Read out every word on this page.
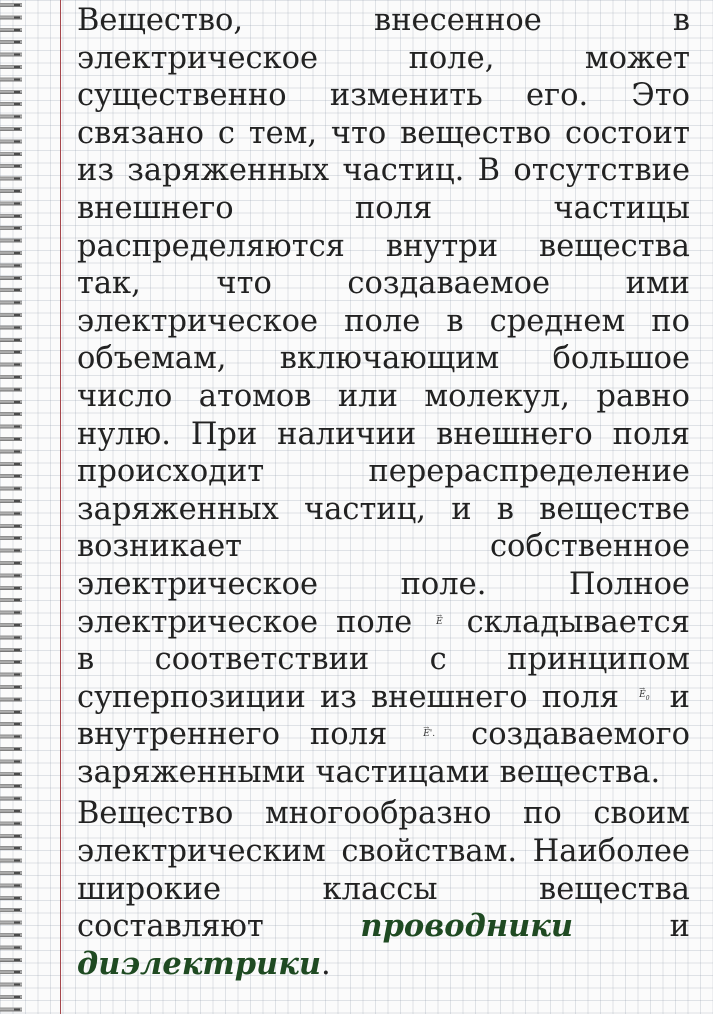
Вещество, внесенное в электрическое поле, может существенно изменить его. Это связано с тем, что вещество состоит из заряженных частиц. В отсутствие внешнего поля частицы распределяются внутри вещества так, что создаваемое ими электрическое поле в среднем по объемам, включающим большое число атомов или молекул, равно нулю. При наличии внешнего поля происходит перераспределение заряженных частиц, и в веществе возникает собственное электрическое поле. Полное электрическое поле	→ E складывается в соответствии с принципом суперпозиции из внешнего поля → $E_0$ и внутреннего поля	→ E'. создаваемого заряженными частицами вещества.

Вещество многообразно по своим электрическим свойствам. Наиболее широкие классы вещества составляют	проводники	и диэлектрики.
